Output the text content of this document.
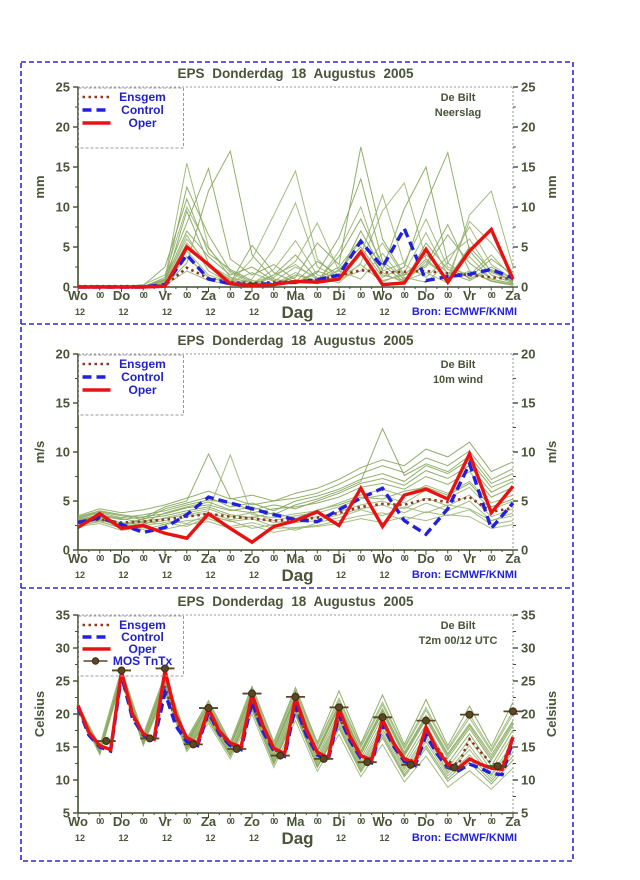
EPS Donderdag 18 Augustus 2005
0	0
5	5
10	10
15	15
20	20
25	25
mm	mm
Wo 00 Do 00 Vr 00 Za 00 Zo 00 Ma 00 Di 00 Wo 00 Do 00 Vr 00 Za
12	12	12	12	12	12	12
Dag	Bron: ECMWF/KNMI
De Bilt
Neerslag
Ensgem
Control
Oper
EPS Donderdag 18 Augustus 2005
0	0
5	5
10	10
15	15
20	20
m/s	m/s
Wo 00 Do 00 Vr 00 Za 00 Zo 00 Ma 00 Di 00 Wo 00 Do 00 Vr 00 Za
12	12	12	12	12	12	12
Dag	Bron: ECMWF/KNMI
De Bilt
10m wind
Ensgem
Control
Oper
EPS Donderdag 18 Augustus 2005
5	5
10	10
15	15
20	20
25	25
30	30
35	35
Celsius	Celsius
Wo 00 Do 00 Vr 00 Za 00 Zo 00 Ma 00 Di 00 Wo 00 Do 00 Vr 00 Za
12	12	12	12	12	12	12
Dag	Bron: ECMWF/KNMI
De Bilt
T2m 00/12 UTC
Ensgem
Control
Oper
MOS TnTx
